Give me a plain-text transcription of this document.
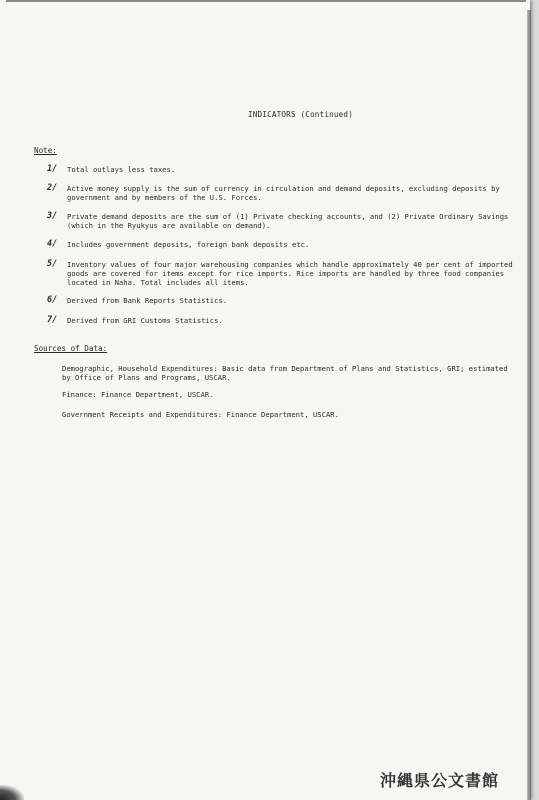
INDICATORS (Continued)
Note:
1/ Total outlays less taxes.
2/ Active money supply is the sum of currency in circulation and demand deposits, excluding deposits by government and by members of the U.S. Forces.
3/ Private demand deposits are the sum of (1) Private checking accounts, and (2) Private Ordinary Savings (which in the Ryukyus are available on demand).
4/ Includes government deposits, foreign bank deposits etc.
5/ Inventory values of four major warehousing companies which handle approximately 40 per cent of imported goods are covered for items except for rice imports. Rice imports are handled by three food companies located in Naha. Total includes all items.
6/ Derived from Bank Reports Statistics.
7/ Derived from GRI Customs Statistics.
Sources of Data:
Demographic, Household Expenditures: Basic data from Department of Plans and Statistics, GRI; estimated by Office of Plans and Programs, USCAR.
Finance: Finance Department, USCAR.
Government Receipts and Expenditures: Finance Department, USCAR.
沖縄県公文書館
